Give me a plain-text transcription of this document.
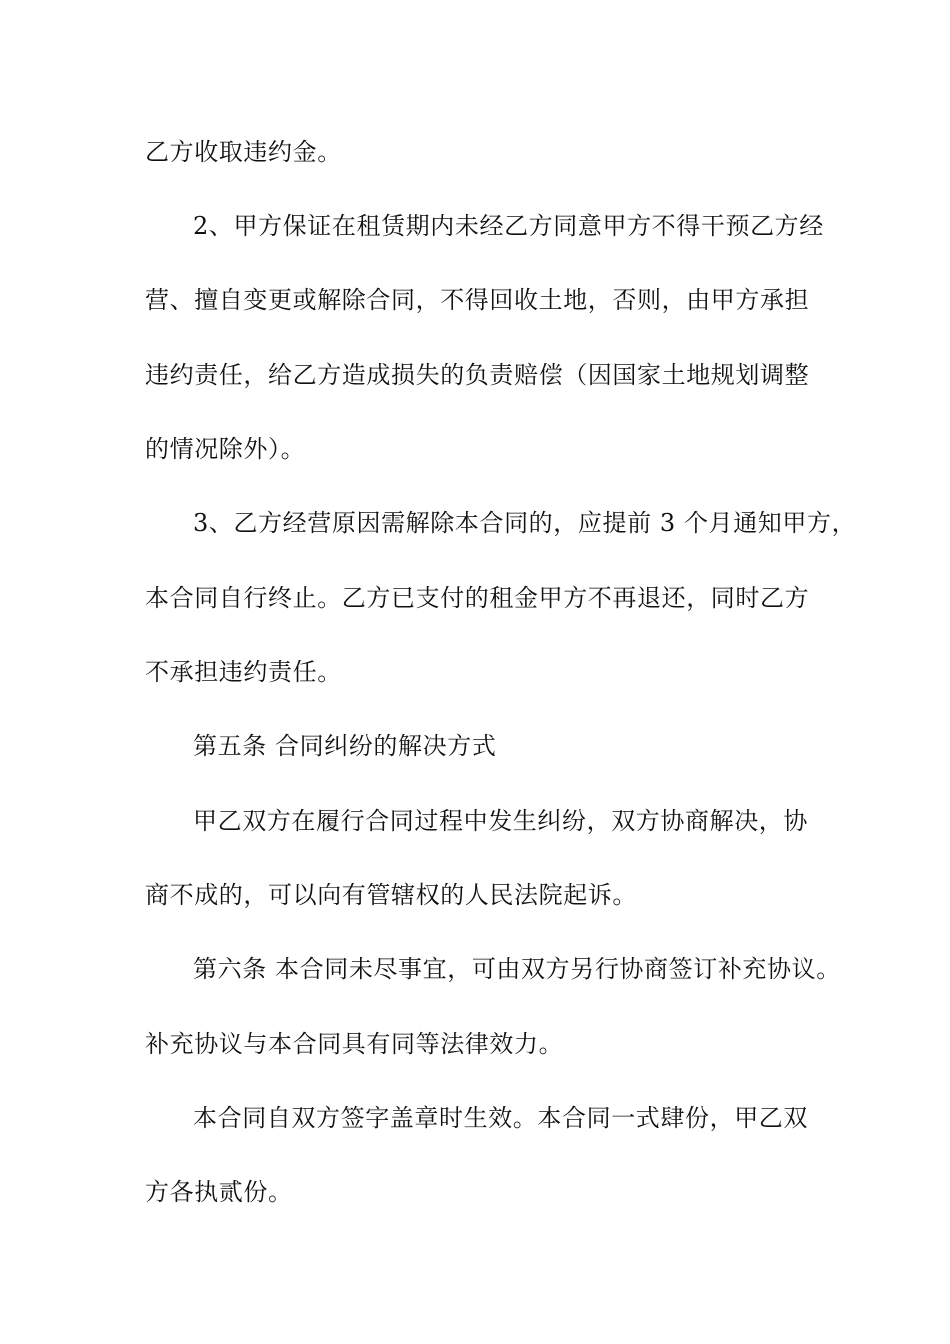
乙方收取违约金。
2、甲方保证在租赁期内未经乙方同意甲方不得干预乙方经
营、擅自变更或解除合同，不得回收土地，否则，由甲方承担
违约责任，给乙方造成损失的负责赔偿（因国家土地规划调整
的情况除外）。
3、乙方经营原因需解除本合同的，应提前 3 个月通知甲方，
本合同自行终止。乙方已支付的租金甲方不再退还，同时乙方
不承担违约责任。
第五条 合同纠纷的解决方式
甲乙双方在履行合同过程中发生纠纷，双方协商解决，协
商不成的，可以向有管辖权的人民法院起诉。
第六条 本合同未尽事宜，可由双方另行协商签订补充协议。
补充协议与本合同具有同等法律效力。
本合同自双方签字盖章时生效。本合同一式肆份，甲乙双
方各执贰份。
